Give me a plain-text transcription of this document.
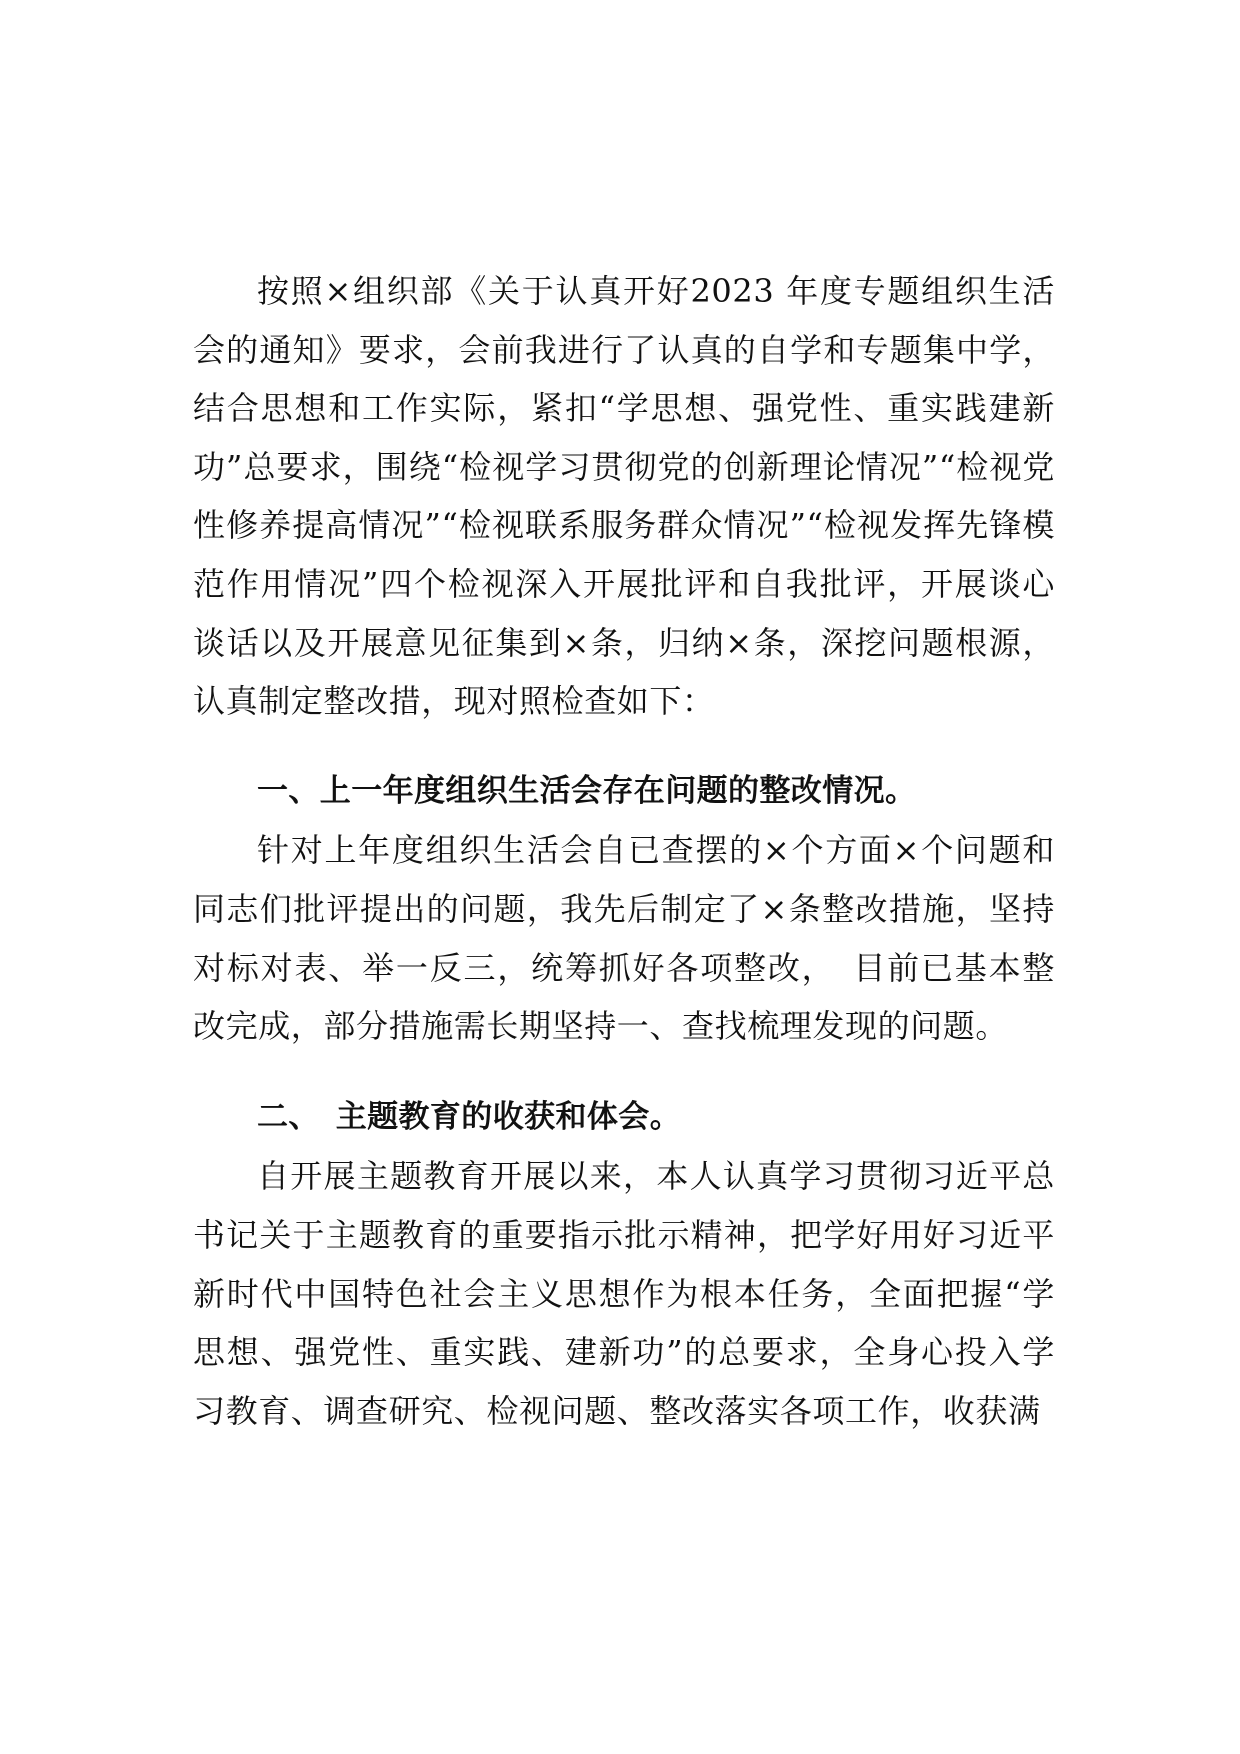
按照×组织部《关于认真开好2023 年度专题组织生活会的通知》要求，会前我进行了认真的自学和专题集中学，结合思想和工作实际，紧扣“学思想、强党性、重实践建新功”总要求，围绕“检视学习贯彻党的创新理论情况”“检视党性修养提高情况”“检视联系服务群众情况”“检视发挥先锋模范作用情况”四个检视深入开展批评和自我批评，开展谈心谈话以及开展意见征集到×条，归纳×条，深挖问题根源，认真制定整改措，现对照检查如下：

一、上一年度组织生活会存在问题的整改情况。

针对上年度组织生活会自已查摆的×个方面×个问题和同志们批评提出的问题，我先后制定了×条整改措施，坚持对标对表、举一反三，统筹抓好各项整改，　目前已基本整改完成，部分措施需长期坚持一、查找梳理发现的问题。

二、　主题教育的收获和体会。

自开展主题教育开展以来，本人认真学习贯彻习近平总书记关于主题教育的重要指示批示精神，把学好用好习近平新时代中国特色社会主义思想作为根本任务，全面把握“学思想、强党性、重实践、建新功”的总要求，全身心投入学习教育、调查研究、检视问题、整改落实各项工作，收获满
